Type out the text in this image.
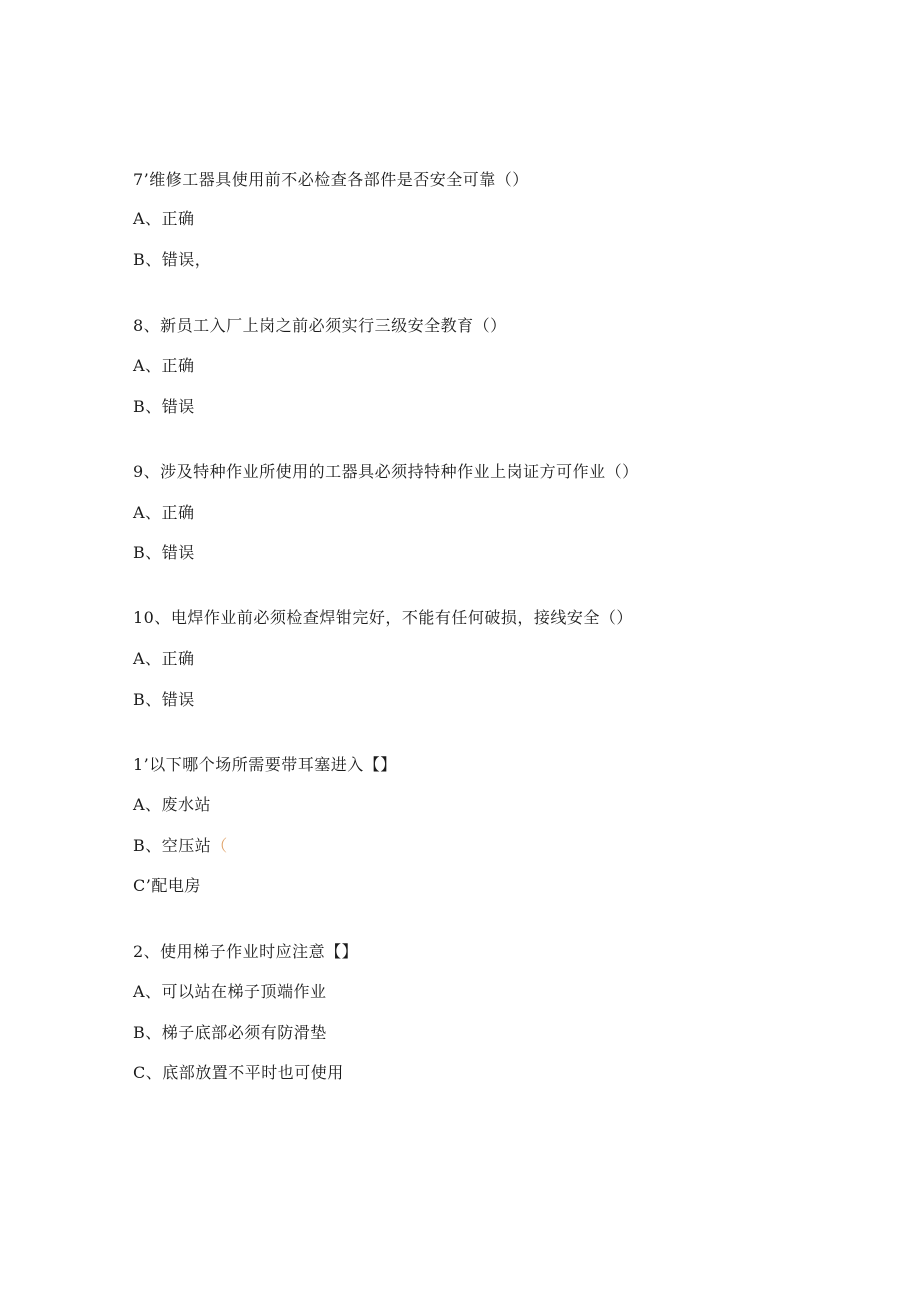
7’维修工器具使用前不必检查各部件是否安全可靠（）
A、正确
B、错误，
8、新员工入厂上岗之前必须实行三级安全教育（）
A、正确
B、错误
9、涉及特种作业所使用的工器具必须持特种作业上岗证方可作业（）
A、正确
B、错误
10、电焊作业前必须检查焊钳完好，不能有任何破损，接线安全（）
A、正确
B、错误
1’以下哪个场所需要带耳塞进入【】
A、废水站
B、空压站（
C’配电房
2、使用梯子作业时应注意【】
A、可以站在梯子顶端作业
B、梯子底部必须有防滑垫
C、底部放置不平时也可使用
